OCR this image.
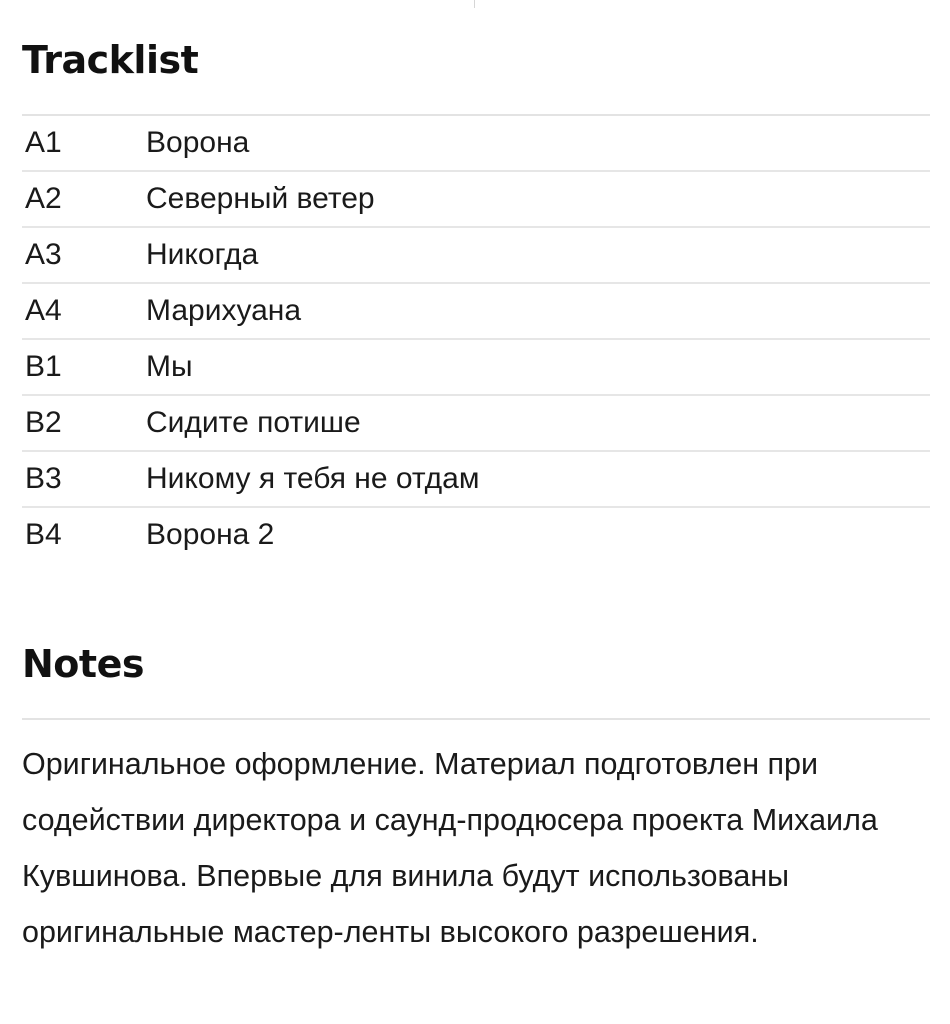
Tracklist
A1	Ворона
A2	Северный ветер
A3	Никогда
A4	Марихуана
B1	Мы
B2	Сидите потише
B3	Никому я тебя не отдам
B4	Ворона 2
Notes

Оригинальное оформление. Материал подготовлен при содействии директора и саунд-продюсера проекта Михаила Кувшинова. Впервые для винила будут использованы оригинальные мастер-ленты высокого разрешения.
